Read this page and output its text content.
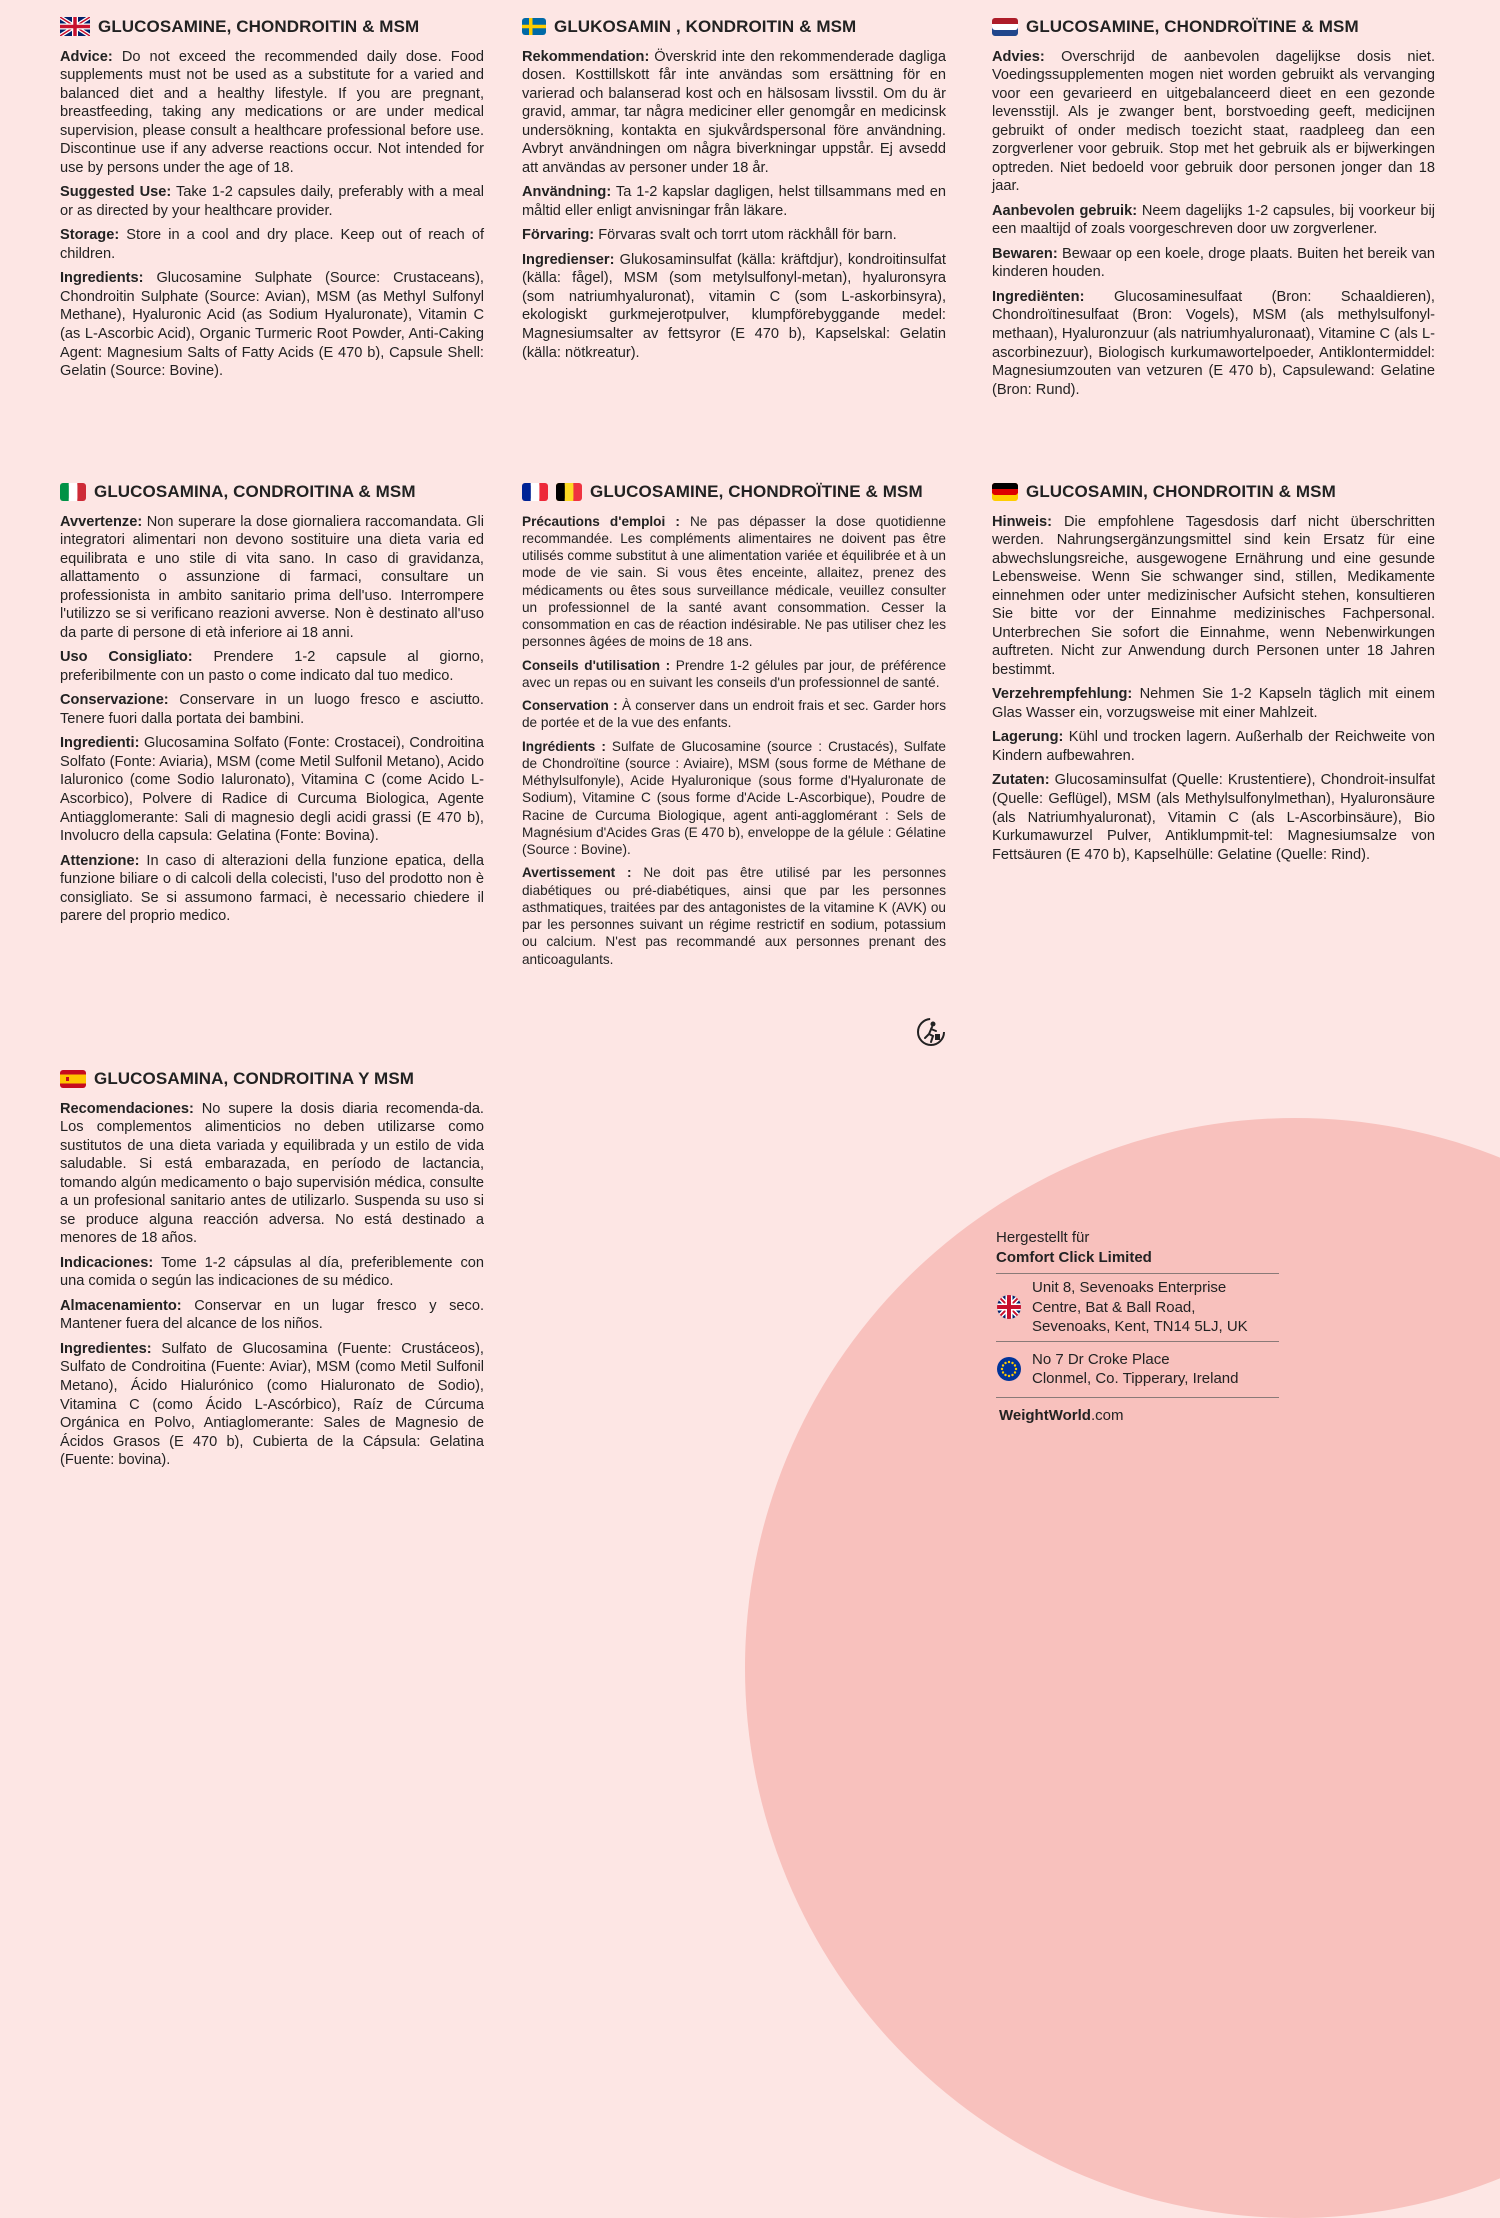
GLUCOSAMINE, CHONDROITIN & MSM

Advice: Do not exceed the recommended daily dose. Food supplements must not be used as a substitute for a varied and balanced diet and a healthy lifestyle. If you are pregnant, breastfeeding, taking any medications or are under medical supervision, please consult a healthcare professional before use. Discontinue use if any adverse reactions occur. Not intended for use by persons under the age of 18.

Suggested Use: Take 1-2 capsules daily, preferably with a meal or as directed by your healthcare provider.

Storage: Store in a cool and dry place. Keep out of reach of children.

Ingredients: Glucosamine Sulphate (Source: Crustaceans), Chondroitin Sulphate (Source: Avian), MSM (as Methyl Sulfonyl Methane), Hyaluronic Acid (as Sodium Hyaluronate), Vitamin C (as L-Ascorbic Acid), Organic Turmeric Root Powder, Anti-Caking Agent: Magnesium Salts of Fatty Acids (E 470 b), Capsule Shell: Gelatin (Source: Bovine).

GLUKOSAMIN , KONDROITIN & MSM

Rekommendation: Överskrid inte den rekommenderade dagliga dosen. Kosttillskott får inte användas som ersättning för en varierad och balanserad kost och en hälsosam livsstil. Om du är gravid, ammar, tar några mediciner eller genomgår en medicinsk undersökning, kontakta en sjukvårdspersonal före användning. Avbryt användningen om några biverkningar uppstår. Ej avsedd att användas av personer under 18 år.

Användning: Ta 1-2 kapslar dagligen, helst tillsammans med en måltid eller enligt anvisningar från läkare.

Förvaring: Förvaras svalt och torrt utom räckhåll för barn.

Ingredienser: Glukosaminsulfat (källa: kräftdjur), kondroitinsulfat (källa: fågel), MSM (som metylsulfonyl-metan), hyaluronsyra (som natriumhyaluronat), vitamin C (som L-askorbinsyra), ekologiskt gurkmejerotpulver, klumpförebyggande medel: Magnesiumsalter av fettsyror (E 470 b), Kapselskal: Gelatin (källa: nötkreatur).

GLUCOSAMINE, CHONDROÏTINE & MSM

Advies: Overschrijd de aanbevolen dagelijkse dosis niet. Voedingssupplementen mogen niet worden gebruikt als vervanging voor een gevarieerd en uitgebalanceerd dieet en een gezonde levensstijl. Als je zwanger bent, borstvoeding geeft, medicijnen gebruikt of onder medisch toezicht staat, raadpleeg dan een zorgverlener voor gebruik. Stop met het gebruik als er bijwerkingen optreden. Niet bedoeld voor gebruik door personen jonger dan 18 jaar.

Aanbevolen gebruik: Neem dagelijks 1-2 capsules, bij voorkeur bij een maaltijd of zoals voorgeschreven door uw zorgverlener.

Bewaren: Bewaar op een koele, droge plaats. Buiten het bereik van kinderen houden.

Ingrediënten: Glucosaminesulfaat (Bron: Schaaldieren), Chondroïtinesulfaat (Bron: Vogels), MSM (als methylsulfonyl-methaan), Hyaluronzuur (als natriumhyaluronaat), Vitamine C (als L-ascorbinezuur), Biologisch kurkumawortelpoeder, Antiklontermiddel: Magnesiumzouten van vetzuren (E 470 b), Capsulewand: Gelatine (Bron: Rund).

GLUCOSAMINA, CONDROITINA & MSM

Avvertenze: Non superare la dose giornaliera raccomandata. Gli integratori alimentari non devono sostituire una dieta varia ed equilibrata e uno stile di vita sano. In caso di gravidanza, allattamento o assunzione di farmaci, consultare un professionista in ambito sanitario prima dell'uso. Interrompere l'utilizzo se si verificano reazioni avverse. Non è destinato all'uso da parte di persone di età inferiore ai 18 anni.

Uso Consigliato: Prendere 1-2 capsule al giorno, preferibilmente con un pasto o come indicato dal tuo medico.

Conservazione: Conservare in un luogo fresco e asciutto. Tenere fuori dalla portata dei bambini.

Ingredienti: Glucosamina Solfato (Fonte: Crostacei), Condroitina Solfato (Fonte: Aviaria), MSM (come Metil Sulfonil Metano), Acido Ialuronico (come Sodio Ialuronato), Vitamina C (come Acido L-Ascorbico), Polvere di Radice di Curcuma Biologica, Agente Antiagglomerante: Sali di magnesio degli acidi grassi (E 470 b), Involucro della capsula: Gelatina (Fonte: Bovina).

Attenzione: In caso di alterazioni della funzione epatica, della funzione biliare o di calcoli della colecisti, l'uso del prodotto non è consigliato. Se si assumono farmaci, è necessario chiedere il parere del proprio medico.

GLUCOSAMINE, CHONDROÏTINE & MSM

Précautions d'emploi : Ne pas dépasser la dose quotidienne recommandée. Les compléments alimentaires ne doivent pas être utilisés comme substitut à une alimentation variée et équilibrée et à un mode de vie sain. Si vous êtes enceinte, allaitez, prenez des médicaments ou êtes sous surveillance médicale, veuillez consulter un professionnel de la santé avant consommation. Cesser la consommation en cas de réaction indésirable. Ne pas utiliser chez les personnes âgées de moins de 18 ans.

Conseils d'utilisation : Prendre 1-2 gélules par jour, de préférence avec un repas ou en suivant les conseils d'un professionnel de santé.

Conservation : À conserver dans un endroit frais et sec. Garder hors de portée et de la vue des enfants.

Ingrédients : Sulfate de Glucosamine (source : Crustacés), Sulfate de Chondroïtine (source : Aviaire), MSM (sous forme de Méthane de Méthylsulfonyle), Acide Hyaluronique (sous forme d'Hyaluronate de Sodium), Vitamine C (sous forme d'Acide L-Ascorbique), Poudre de Racine de Curcuma Biologique, agent anti-agglomérant : Sels de Magnésium d'Acides Gras (E 470 b), enveloppe de la gélule : Gélatine (Source : Bovine).

Avertissement : Ne doit pas être utilisé par les personnes diabétiques ou pré-diabétiques, ainsi que par les personnes asthmatiques, traitées par des antagonistes de la vitamine K (AVK) ou par les personnes suivant un régime restrictif en sodium, potassium ou calcium. N'est pas recommandé aux personnes prenant des anticoagulants.

GLUCOSAMIN, CHONDROITIN & MSM

Hinweis: Die empfohlene Tagesdosis darf nicht überschritten werden. Nahrungsergänzungsmittel sind kein Ersatz für eine abwechslungsreiche, ausgewogene Ernährung und eine gesunde Lebensweise. Wenn Sie schwanger sind, stillen, Medikamente einnehmen oder unter medizinischer Aufsicht stehen, konsultieren Sie bitte vor der Einnahme medizinisches Fachpersonal. Unterbrechen Sie sofort die Einnahme, wenn Nebenwirkungen auftreten. Nicht zur Anwendung durch Personen unter 18 Jahren bestimmt.

Verzehrempfehlung: Nehmen Sie 1-2 Kapseln täglich mit einem Glas Wasser ein, vorzugsweise mit einer Mahlzeit.

Lagerung: Kühl und trocken lagern. Außerhalb der Reichweite von Kindern aufbewahren.

Zutaten: Glucosaminsulfat (Quelle: Krustentiere), Chondroit-insulfat (Quelle: Geflügel), MSM (als Methylsulfonylmethan), Hyaluronsäure (als Natriumhyaluronat), Vitamin C (als L-Ascorbinsäure), Bio Kurkumawurzel Pulver, Antiklumpmit-tel: Magnesiumsalze von Fettsäuren (E 470 b), Kapselhülle: Gelatine (Quelle: Rind).

GLUCOSAMINA, CONDROITINA Y MSM

Recomendaciones: No supere la dosis diaria recomenda-da. Los complementos alimenticios no deben utilizarse como sustitutos de una dieta variada y equilibrada y un estilo de vida saludable. Si está embarazada, en período de lactancia, tomando algún medicamento o bajo supervisión médica, consulte a un profesional sanitario antes de utilizarlo. Suspenda su uso si se produce alguna reacción adversa. No está destinado a menores de 18 años.

Indicaciones: Tome 1-2 cápsulas al día, preferiblemente con una comida o según las indicaciones de su médico.

Almacenamiento: Conservar en un lugar fresco y seco. Mantener fuera del alcance de los niños.

Ingredientes: Sulfato de Glucosamina (Fuente: Crustáceos), Sulfato de Condroitina (Fuente: Aviar), MSM (como Metil Sulfonil Metano), Ácido Hialurónico (como Hialuronato de Sodio), Vitamina C (como Ácido L-Ascórbico), Raíz de Cúrcuma Orgánica en Polvo, Antiaglomerante: Sales de Magnesio de Ácidos Grasos (E 470 b), Cubierta de la Cápsula: Gelatina (Fuente: bovina).

Hergestellt für
Comfort Click Limited
Unit 8, Sevenoaks Enterprise
Centre, Bat & Ball Road,
Sevenoaks, Kent, TN14 5LJ, UK
No 7 Dr Croke Place
Clonmel, Co. Tipperary, Ireland
WeightWorld.com
